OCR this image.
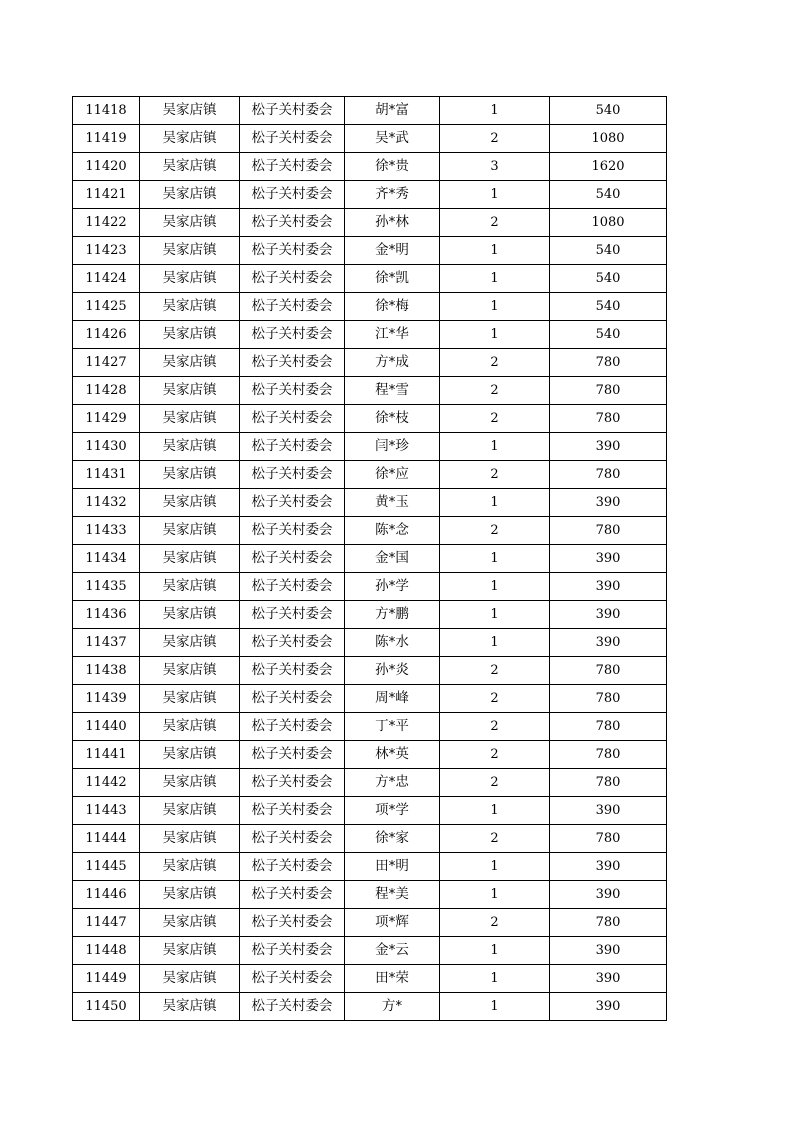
11418	吴家店镇	松子关村委会	胡*富	1	540
11419	吴家店镇	松子关村委会	吴*武	2	1080
11420	吴家店镇	松子关村委会	徐*贵	3	1620
11421	吴家店镇	松子关村委会	齐*秀	1	540
11422	吴家店镇	松子关村委会	孙*林	2	1080
11423	吴家店镇	松子关村委会	金*明	1	540
11424	吴家店镇	松子关村委会	徐*凯	1	540
11425	吴家店镇	松子关村委会	徐*梅	1	540
11426	吴家店镇	松子关村委会	江*华	1	540
11427	吴家店镇	松子关村委会	方*成	2	780
11428	吴家店镇	松子关村委会	程*雪	2	780
11429	吴家店镇	松子关村委会	徐*枝	2	780
11430	吴家店镇	松子关村委会	闫*珍	1	390
11431	吴家店镇	松子关村委会	徐*应	2	780
11432	吴家店镇	松子关村委会	黄*玉	1	390
11433	吴家店镇	松子关村委会	陈*念	2	780
11434	吴家店镇	松子关村委会	金*国	1	390
11435	吴家店镇	松子关村委会	孙*学	1	390
11436	吴家店镇	松子关村委会	方*鹏	1	390
11437	吴家店镇	松子关村委会	陈*水	1	390
11438	吴家店镇	松子关村委会	孙*炎	2	780
11439	吴家店镇	松子关村委会	周*峰	2	780
11440	吴家店镇	松子关村委会	丁*平	2	780
11441	吴家店镇	松子关村委会	林*英	2	780
11442	吴家店镇	松子关村委会	方*忠	2	780
11443	吴家店镇	松子关村委会	项*学	1	390
11444	吴家店镇	松子关村委会	徐*家	2	780
11445	吴家店镇	松子关村委会	田*明	1	390
11446	吴家店镇	松子关村委会	程*美	1	390
11447	吴家店镇	松子关村委会	项*辉	2	780
11448	吴家店镇	松子关村委会	金*云	1	390
11449	吴家店镇	松子关村委会	田*荣	1	390
11450	吴家店镇	松子关村委会	方*	1	390
